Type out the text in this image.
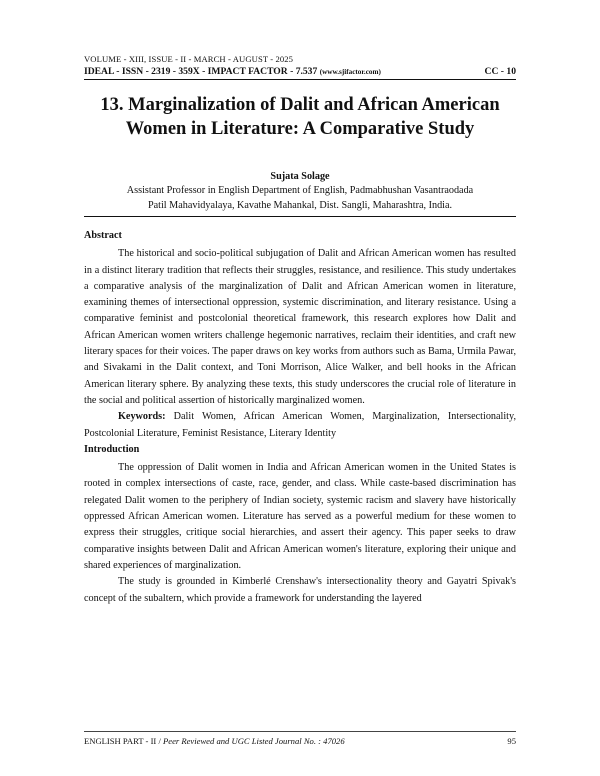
VOLUME - XIII, ISSUE - II - MARCH - AUGUST - 2025
IDEAL - ISSN - 2319 - 359X - IMPACT FACTOR - 7.537 (www.sjifactor.com)	CC - 10
13. Marginalization of Dalit and African American
Women in Literature: A Comparative Study
Sujata Solage
Assistant Professor in English Department of English, Padmabhushan Vasantraodada
Patil Mahavidyalaya, Kavathe Mahankal, Dist. Sangli, Maharashtra, India.

Abstract

The historical and socio-political subjugation of Dalit and African American women has resulted in a distinct literary tradition that reflects their struggles, resistance, and resilience. This study undertakes a comparative analysis of the marginalization of Dalit and African American women in literature, examining themes of intersectional oppression, systemic discrimination, and literary resistance. Using a comparative feminist and postcolonial theoretical framework, this research explores how Dalit and African American women writers challenge hegemonic narratives, reclaim their identities, and craft new literary spaces for their voices. The paper draws on key works from authors such as Bama, Urmila Pawar, and Sivakami in the Dalit context, and Toni Morrison, Alice Walker, and bell hooks in the African American literary sphere. By analyzing these texts, this study underscores the crucial role of literature in the social and political assertion of historically marginalized women.

Keywords: Dalit Women, African American Women, Marginalization, Intersectionality, Postcolonial Literature, Feminist Resistance, Literary Identity

Introduction

The oppression of Dalit women in India and African American women in the United States is rooted in complex intersections of caste, race, gender, and class. While caste-based discrimination has relegated Dalit women to the periphery of Indian society, systemic racism and slavery have historically oppressed African American women. Literature has served as a powerful medium for these women to express their struggles, critique social hierarchies, and assert their agency. This paper seeks to draw comparative insights between Dalit and African American women's literature, exploring their unique and shared experiences of marginalization.

The study is grounded in Kimberlé Crenshaw's intersectionality theory and Gayatri Spivak's concept of the subaltern, which provide a framework for understanding the layered

ENGLISH PART - II / Peer Reviewed and UGC Listed Journal No. : 47026	95
